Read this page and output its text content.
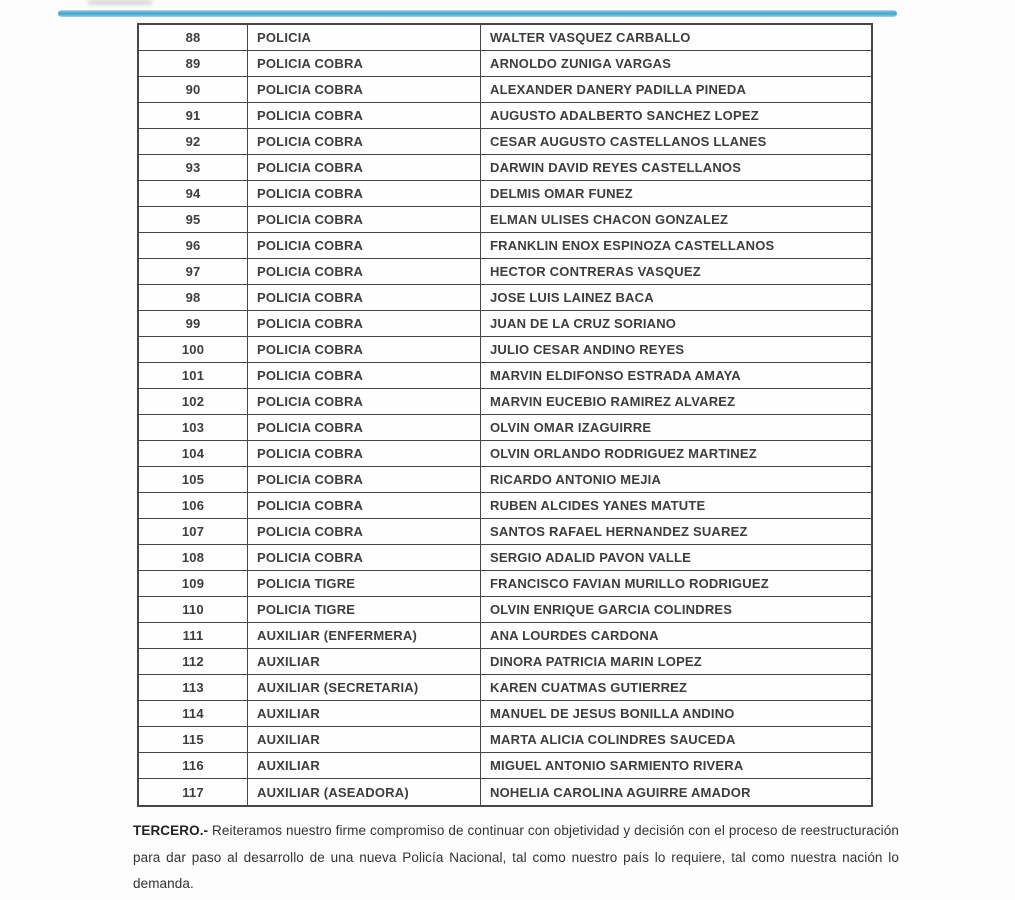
88	POLICIA	WALTER VASQUEZ CARBALLO
89	POLICIA COBRA	ARNOLDO ZUNIGA VARGAS
90	POLICIA COBRA	ALEXANDER DANERY PADILLA PINEDA
91	POLICIA COBRA	AUGUSTO ADALBERTO SANCHEZ LOPEZ
92	POLICIA COBRA	CESAR AUGUSTO CASTELLANOS LLANES
93	POLICIA COBRA	DARWIN DAVID REYES CASTELLANOS
94	POLICIA COBRA	DELMIS OMAR FUNEZ
95	POLICIA COBRA	ELMAN ULISES CHACON GONZALEZ
96	POLICIA COBRA	FRANKLIN ENOX ESPINOZA CASTELLANOS
97	POLICIA COBRA	HECTOR CONTRERAS VASQUEZ
98	POLICIA COBRA	JOSE LUIS LAINEZ BACA
99	POLICIA COBRA	JUAN DE LA CRUZ SORIANO
100	POLICIA COBRA	JULIO CESAR ANDINO REYES
101	POLICIA COBRA	MARVIN ELDIFONSO ESTRADA AMAYA
102	POLICIA COBRA	MARVIN EUCEBIO RAMIREZ ALVAREZ
103	POLICIA COBRA	OLVIN OMAR IZAGUIRRE
104	POLICIA COBRA	OLVIN ORLANDO RODRIGUEZ MARTINEZ
105	POLICIA COBRA	RICARDO ANTONIO MEJIA
106	POLICIA COBRA	RUBEN ALCIDES YANES MATUTE
107	POLICIA COBRA	SANTOS RAFAEL HERNANDEZ SUAREZ
108	POLICIA COBRA	SERGIO ADALID PAVON VALLE
109	POLICIA TIGRE	FRANCISCO FAVIAN MURILLO RODRIGUEZ
110	POLICIA TIGRE	OLVIN ENRIQUE GARCIA COLINDRES
111	AUXILIAR (ENFERMERA)	ANA LOURDES CARDONA
112	AUXILIAR	DINORA PATRICIA MARIN LOPEZ
113	AUXILIAR (SECRETARIA)	KAREN CUATMAS GUTIERREZ
114	AUXILIAR	MANUEL DE JESUS BONILLA ANDINO
115	AUXILIAR	MARTA ALICIA COLINDRES SAUCEDA
116	AUXILIAR	MIGUEL ANTONIO SARMIENTO RIVERA
117	AUXILIAR (ASEADORA)	NOHELIA CAROLINA AGUIRRE AMADOR

TERCERO.- Reiteramos nuestro firme compromiso de continuar con objetividad y decisión con el proceso de reestructuración para dar paso al desarrollo de una nueva Policía Nacional, tal como nuestro país lo requiere, tal como nuestra nación lo demanda.
